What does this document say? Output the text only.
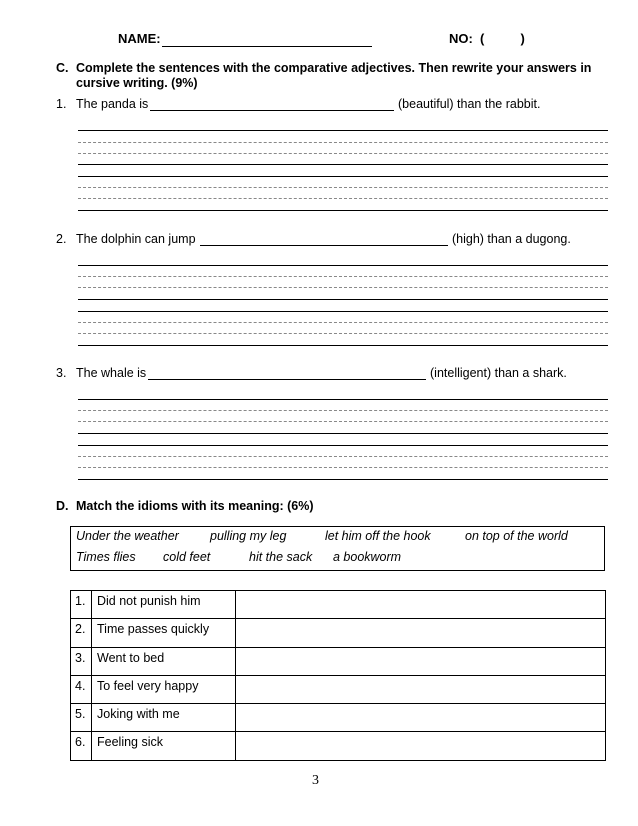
NAME:	NO:  (          )
C. Complete the sentences with the comparative adjectives. Then rewrite your answers in cursive writing. (9%)
1. The panda is	(beautiful) than the rabbit.
2. The dolphin can jump	(high) than a dugong.
3. The whale is	(intelligent) than a shark.
D. Match the idioms with its meaning: (6%)
Under the weather pulling my leg	let him off the hook	on top of the world
Times flies cold feet	hit the sack a bookworm
1.	Did not punish him	
2.	Time passes quickly	
3.	Went to bed	
4.	To feel very happy	
5.	Joking with me	
6.	Feeling sick	
3
